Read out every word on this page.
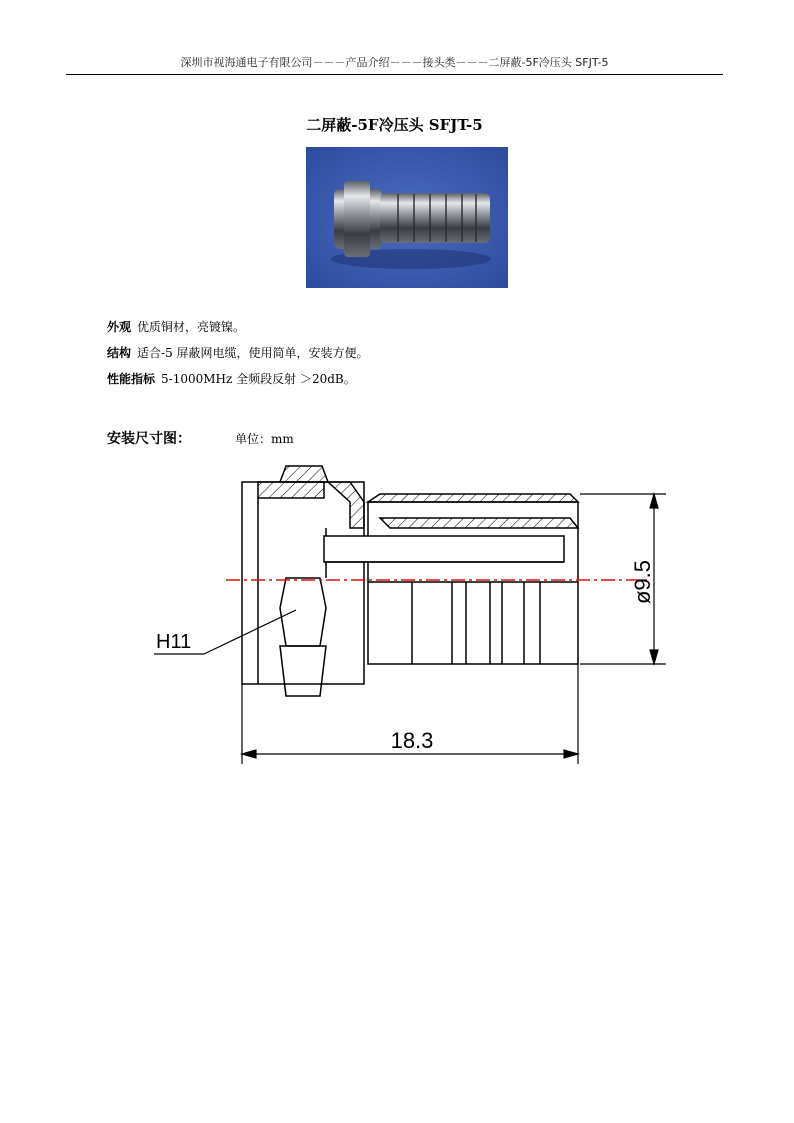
深圳市视海通电子有限公司－－－产品介绍－－－接头类－－－二屏蔽-5F冷压头 SFJT-5
二屏蔽-5F冷压头 SFJT-5
外观 优质铜材，亮镀镍。
结构 适合-5 屏蔽网电缆，使用简单，安装方便。
性能指标 5-1000MHz 全频段反射 ＞20dB。
安装尺寸图：	单位：mm
ø9.5
18.3
H11
